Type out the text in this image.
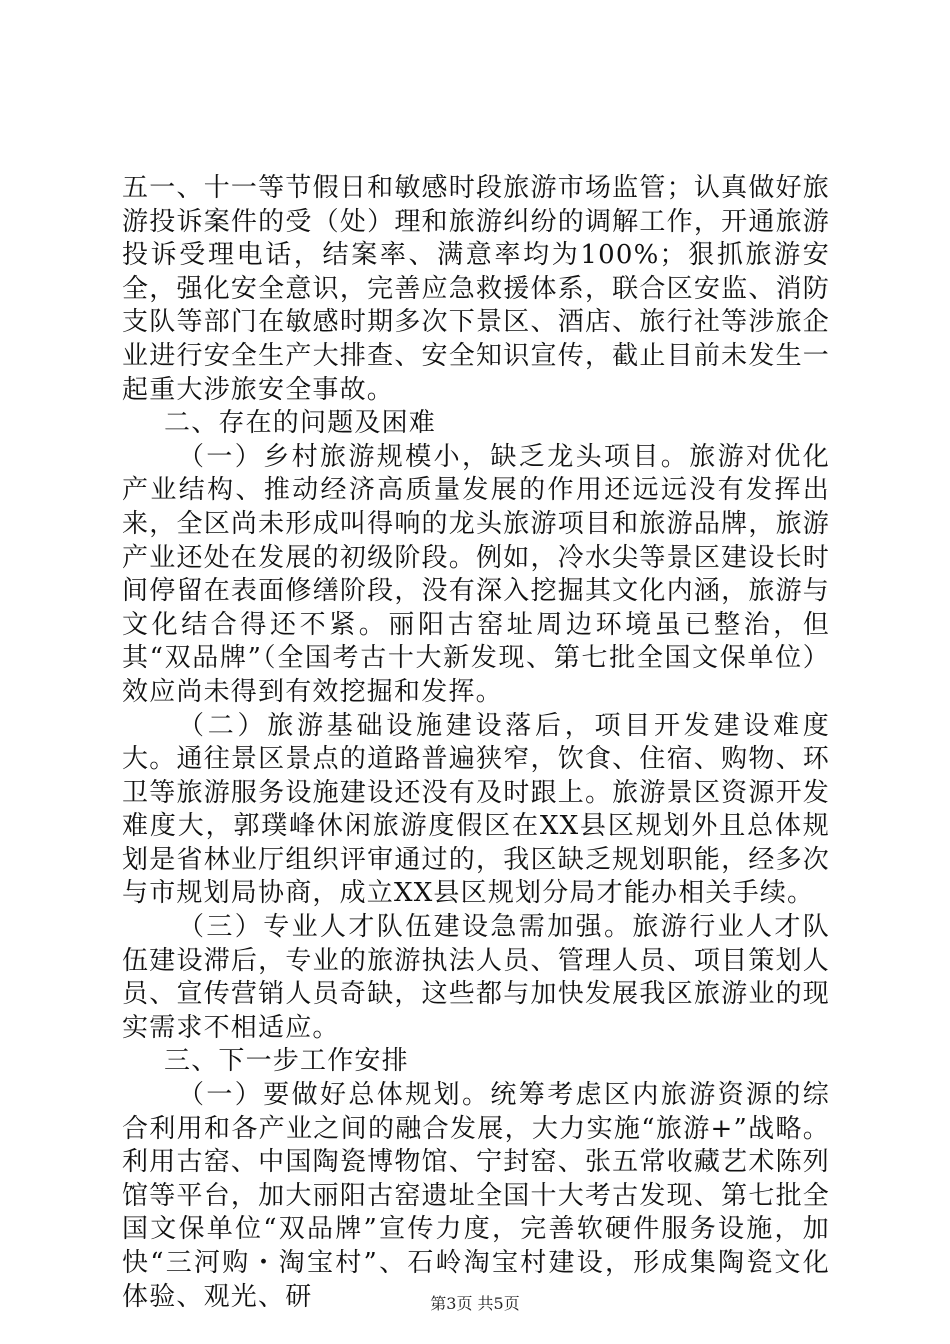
五一、十一等节假日和敏感时段旅游市场监管；认真做好旅游投诉案件的受（处）理和旅游纠纷的调解工作，开通旅游投诉受理电话，结案率、满意率均为100%；狠抓旅游安全，强化安全意识，完善应急救援体系，联合区安监、消防支队等部门在敏感时期多次下景区、酒店、旅行社等涉旅企业进行安全生产大排查、安全知识宣传，截止目前未发生一起重大涉旅安全事故。

二、存在的问题及困难

（一）乡村旅游规模小，缺乏龙头项目。旅游对优化产业结构、推动经济高质量发展的作用还远远没有发挥出来，全区尚未形成叫得响的龙头旅游项目和旅游品牌，旅游产业还处在发展的初级阶段。例如，冷水尖等景区建设长时间停留在表面修缮阶段，没有深入挖掘其文化内涵，旅游与文化结合得还不紧。丽阳古窑址周边环境虽已整治，但其“双品牌”（全国考古十大新发现、第七批全国文保单位）效应尚未得到有效挖掘和发挥。

（二）旅游基础设施建设落后，项目开发建设难度大。通往景区景点的道路普遍狭窄，饮食、住宿、购物、环卫等旅游服务设施建设还没有及时跟上。旅游景区资源开发难度大，郭璞峰休闲旅游度假区在XX县区规划外且总体规划是省林业厅组织评审通过的，我区缺乏规划职能，经多次与市规划局协商，成立XX县区规划分局才能办相关手续。

（三）专业人才队伍建设急需加强。旅游行业人才队伍建设滞后，专业的旅游执法人员、管理人员、项目策划人员、宣传营销人员奇缺，这些都与加快发展我区旅游业的现实需求不相适应。

三、下一步工作安排

（一）要做好总体规划。统筹考虑区内旅游资源的综合利用和各产业之间的融合发展，大力实施“旅游+”战略。利用古窑、中国陶瓷博物馆、宁封窑、张五常收藏艺术陈列馆等平台，加大丽阳古窑遗址全国十大考古发现、第七批全国文保单位“双品牌”宣传力度，完善软硬件服务设施，加快“三河购・淘宝村”、石岭淘宝村建设，形成集陶瓷文化体验、观光、研	第3页 共5页
